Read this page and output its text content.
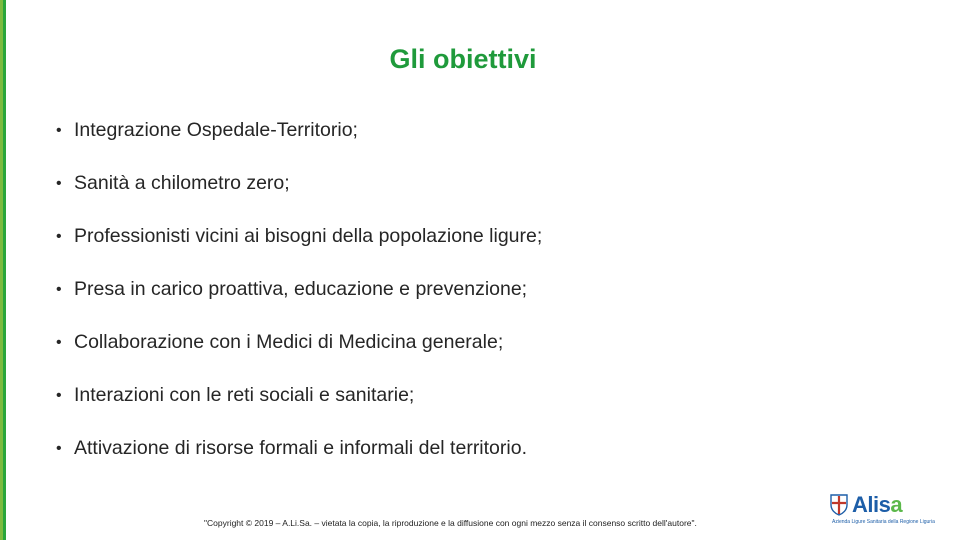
Gli obiettivi
• Integrazione Ospedale-Territorio;
• Sanità a chilometro zero;
• Professionisti vicini ai bisogni della popolazione ligure;
• Presa in carico proattiva, educazione e prevenzione;
• Collaborazione con i Medici di Medicina generale;
• Interazioni con le reti sociali e sanitarie;
• Attivazione di risorse formali e informali del territorio.
"Copyright © 2019 – A.Li.Sa. – vietata la copia, la riproduzione e la diffusione con ogni mezzo senza il consenso scritto dell'autore".
Alisa
Azienda Ligure Sanitaria della Regione Liguria
